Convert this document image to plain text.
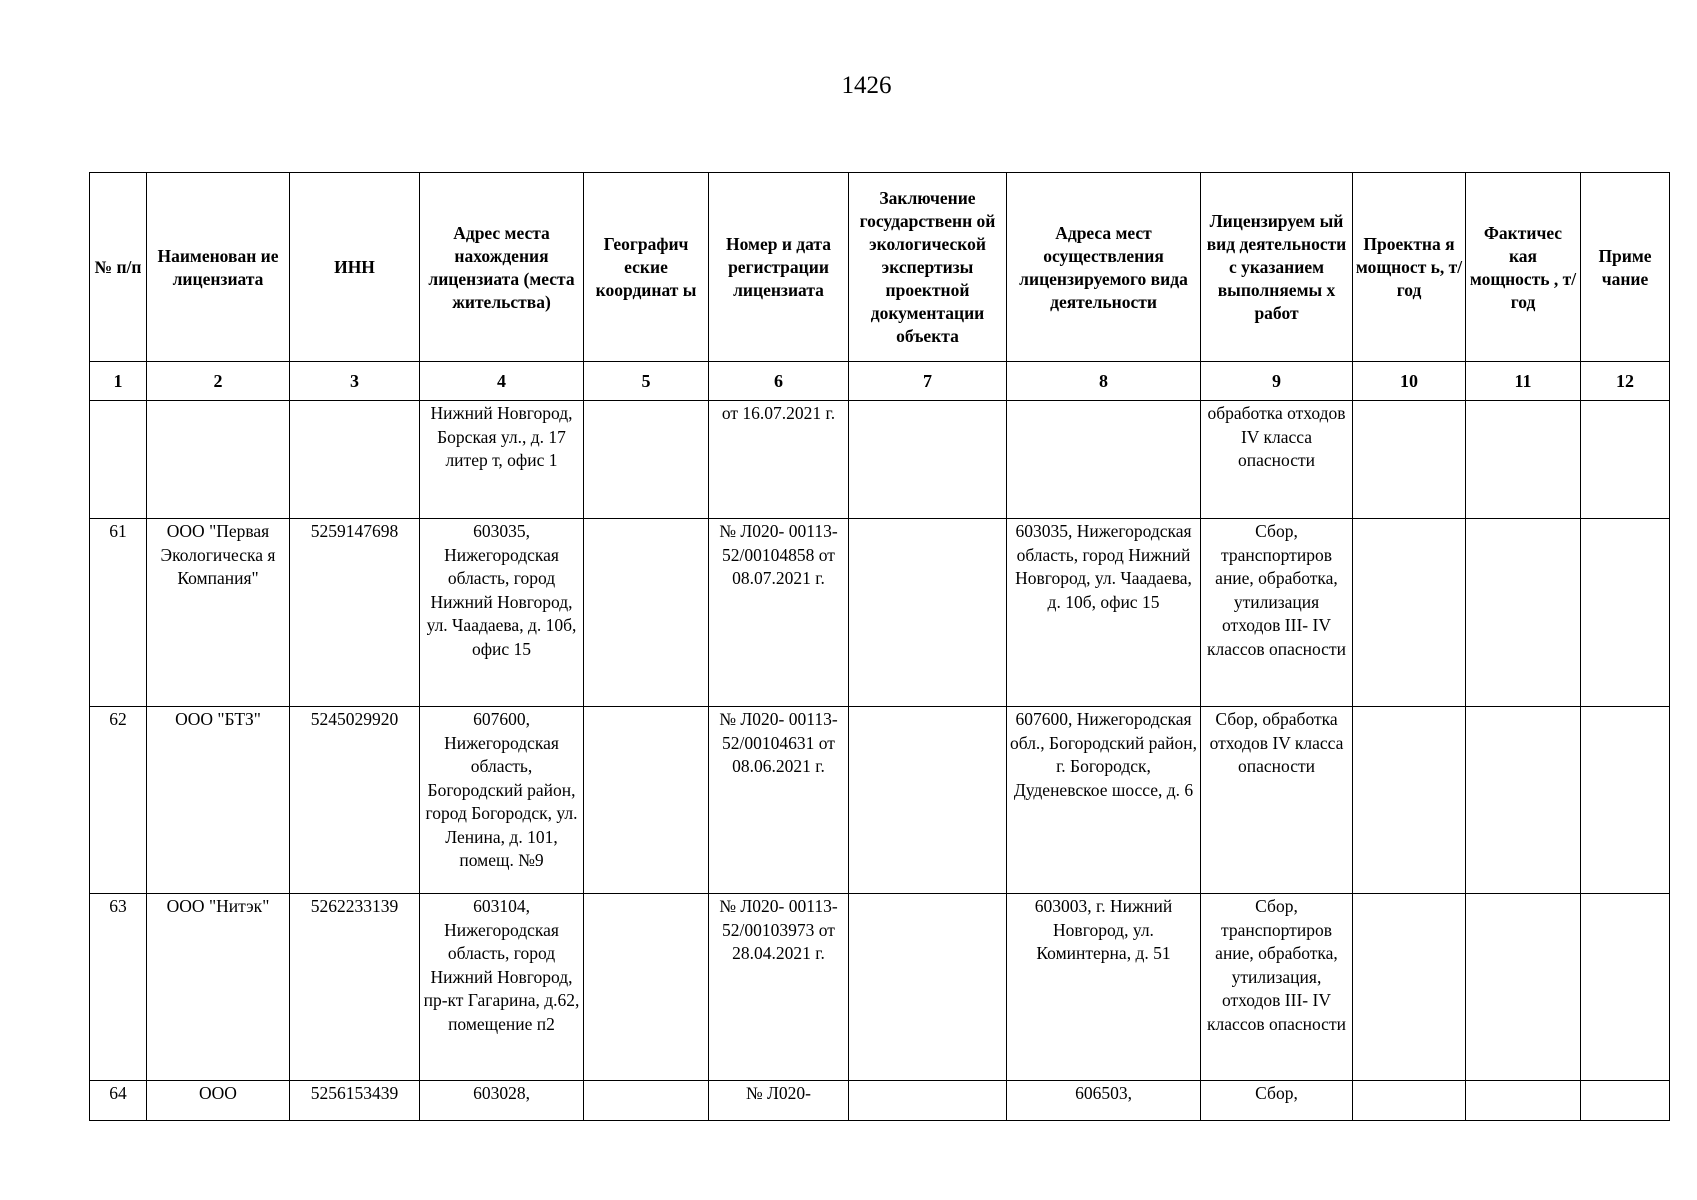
1426
№ п/п	Наименован ие лицензиата	ИНН	Адрес места нахождения лицензиата (места жительства)	Географич еские координат ы	Номер и дата регистрации лицензиата	Заключение государственн ой экологической экспертизы проектной документации объекта	Адреса мест осуществления лицензируемого вида деятельности	Лицензируем ый вид деятельности с указанием выполняемы х работ	Проектна я мощност ь, т/год	Фактичес кая мощность , т/год	Приме чание
1	2	3	4	5	6	7	8	9	10	11	12
			Нижний Новгород, Борская ул., д. 17 литер т, офис 1		от 16.07.2021 г.			обработка отходов IV класса опасности			
61	ООО "Первая Экологическа я Компания"	5259147698	603035, Нижегородская область, город Нижний Новгород, ул. Чаадаева, д. 10б, офис 15		№ Л020- 00113- 52/00104858 от 08.07.2021 г.		603035, Нижегородская область, город Нижний Новгород, ул. Чаадаева, д. 10б, офис 15	Сбор, транспортиров ание, обработка, утилизация отходов III- IV классов опасности			
62	ООО "БТЗ"	5245029920	607600, Нижегородская область, Богородский район, город Богородск, ул. Ленина, д. 101, помещ. №9		№ Л020- 00113- 52/00104631 от 08.06.2021 г.		607600, Нижегородская обл., Богородский район, г. Богородск, Дуденевское шоссе, д. 6	Сбор, обработка отходов IV класса опасности			
63	ООО "Нитэк"	5262233139	603104, Нижегородская область, город Нижний Новгород, пр-кт Гагарина, д.62, помещение п2		№ Л020- 00113- 52/00103973 от 28.04.2021 г.		603003, г. Нижний Новгород, ул. Коминтерна, д. 51	Сбор, транспортиров ание, обработка, утилизация, отходов III- IV классов опасности			
64	ООО	5256153439	603028,		№ Л020-		606503,	Сбор,			
